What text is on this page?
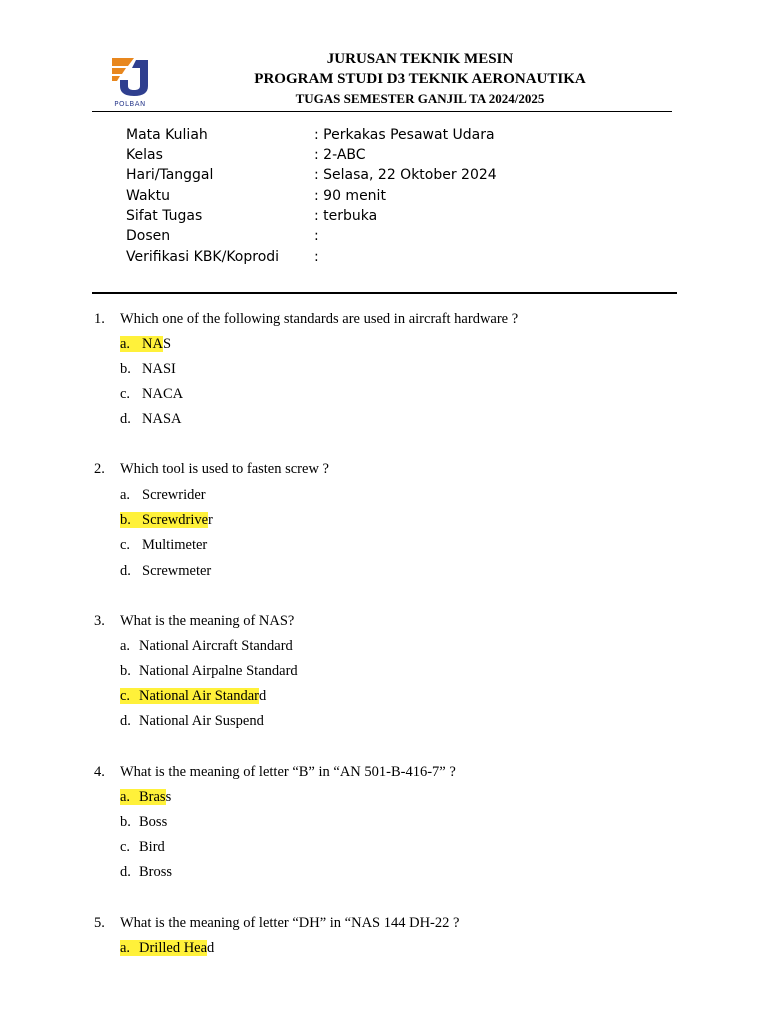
POLBAN
JURUSAN TEKNIK MESIN
PROGRAM STUDI D3 TEKNIK AERONAUTIKA
TUGAS SEMESTER GANJIL TA 2024/2025
Mata Kuliah	: Perkakas Pesawat Udara
Kelas	: 2-ABC
Hari/Tanggal	: Selasa, 22 Oktober 2024
Waktu	: 90 menit
Sifat Tugas	: terbuka
Dosen	:
Verifikasi KBK/Koprodi :
1. Which one of the following standards are used in aircraft hardware ?
a. NAS
b. NASI
c. NACA
d. NASA
2. Which tool is used to fasten screw ?
a. Screwrider
b. Screwdriver
c. Multimeter
d. Screwmeter
3. What is the meaning of NAS?
a. National Aircraft Standard
b. National Airpalne Standard
c. National Air Standard
d. National Air Suspend
4. What is the meaning of letter “B” in “AN 501-B-416-7” ?
a. Brass
b. Boss
c. Bird
d. Bross
5. What is the meaning of letter “DH” in “NAS 144 DH-22 ?
a. Drilled Head
